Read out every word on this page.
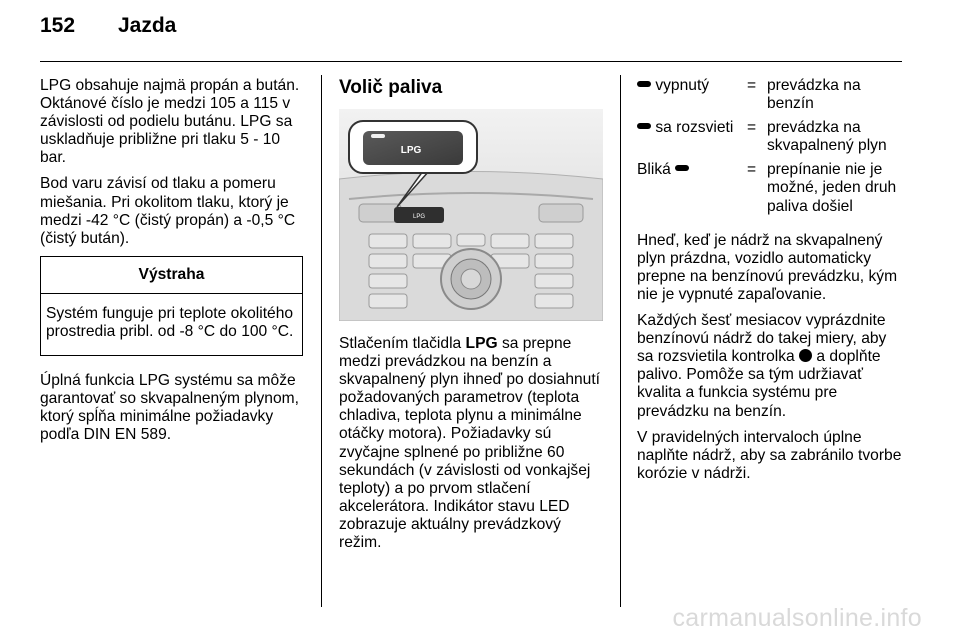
152 Jazda

LPG obsahuje najmä propán a bután. Oktánové číslo je medzi 105 a 115 v závislosti od podielu butánu. LPG sa uskladňuje približne pri tlaku 5 - 10 bar.

Bod varu závisí od tlaku a pomeru miešania. Pri okolitom tlaku, ktorý je medzi -42 °C (čistý propán) a -0,5 °C (čistý bután).

Výstraha
Systém funguje pri teplote okolitého prostredia pribl. od -8 °C do 100 °C.

Úplná funkcia LPG systému sa môže garantovať so skvapalneným plynom, ktorý spĺňa minimálne požiadavky podľa DIN EN 589.

Volič paliva
LPG
LPG

Stlačením tlačidla LPG sa prepne medzi prevádzkou na benzín a skvapalnený plyn ihneď po dosiahnutí požadovaných parametrov (teplota chladiva, teplota plynu a minimálne otáčky motora). Požiadavky sú zvyčajne splnené po približne 60 sekundách (v závislosti od vonkajšej teploty) a po prvom stlačení akcelerátora. Indikátor stavu LED zobrazuje aktuálny prevádzkový režim.

vypnutý	=	prevádzka na benzín
sa rozsvieti	=	prevádzka na skvapalnený plyn
Bliká	=	prepínanie nie je možné, jeden druh paliva došiel

Hneď, keď je nádrž na skvapalnený plyn prázdna, vozidlo automaticky prepne na benzínovú prevádzku, kým nie je vypnuté zapaľovanie.

Každých šesť mesiacov vyprázdnite benzínovú nádrž do takej miery, aby sa rozsvietila kontrolka  a doplňte palivo. Pomôže sa tým udržiavať kvalita a funkcia systému pre prevádzku na benzín.

V pravidelných intervaloch úplne naplňte nádrž, aby sa zabránilo tvorbe korózie v nádrži.

carmanualsonline.info
